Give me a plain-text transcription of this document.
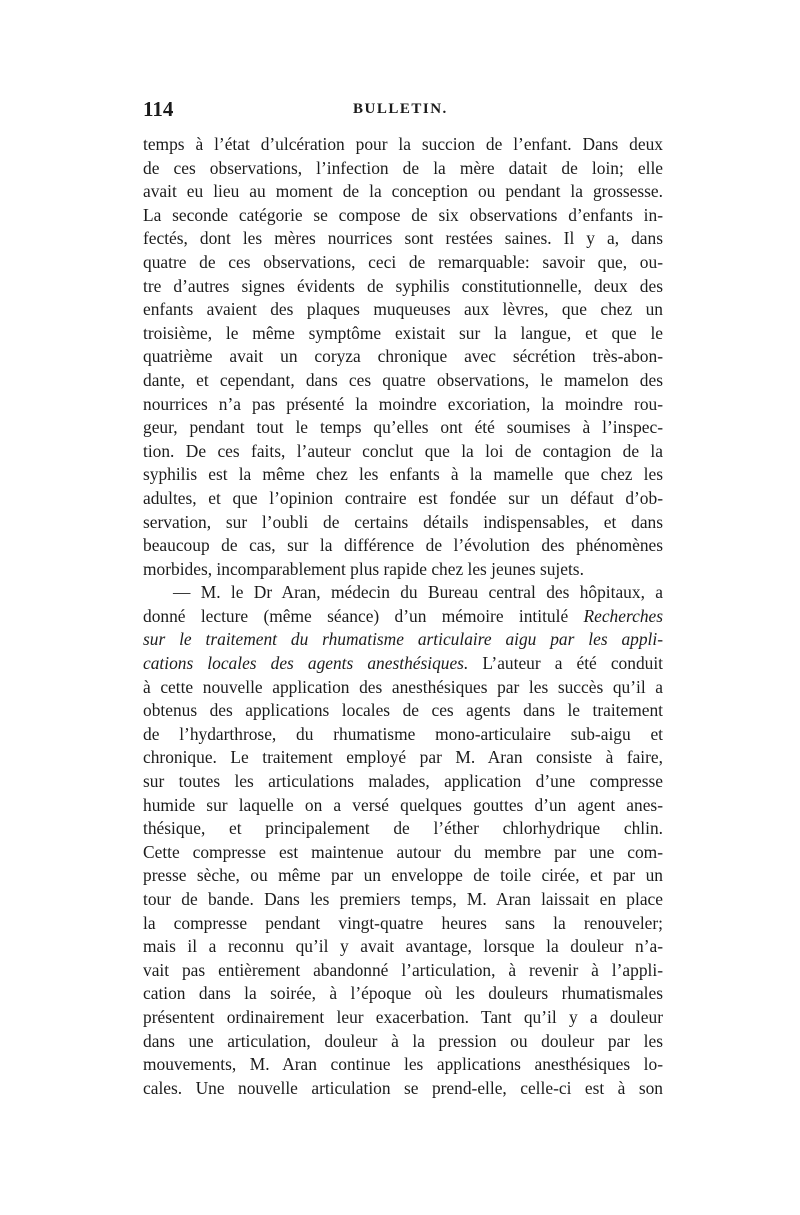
114	BULLETIN.
temps à l’état d’ulcération pour la succion de l’enfant. Dans deux
de ces observations, l’infection de la mère datait de loin; elle
avait eu lieu au moment de la conception ou pendant la grossesse.
La seconde catégorie se compose de six observations d’enfants in-
fectés, dont les mères nourrices sont restées saines. Il y a, dans
quatre de ces observations, ceci de remarquable: savoir que, ou-
tre d’autres signes évidents de syphilis constitutionnelle, deux des
enfants avaient des plaques muqueuses aux lèvres, que chez un
troisième, le même symptôme existait sur la langue, et que le
quatrième avait un coryza chronique avec sécrétion très-abon-
dante, et cependant, dans ces quatre observations, le mamelon des
nourrices n’a pas présenté la moindre excoriation, la moindre rou-
geur, pendant tout le temps qu’elles ont été soumises à l’inspec-
tion. De ces faits, l’auteur conclut que la loi de contagion de la
syphilis est la même chez les enfants à la mamelle que chez les
adultes, et que l’opinion contraire est fondée sur un défaut d’ob-
servation, sur l’oubli de certains détails indispensables, et dans
beaucoup de cas, sur la différence de l’évolution des phénomènes
morbides, incomparablement plus rapide chez les jeunes sujets.
— M. le Dr Aran, médecin du Bureau central des hôpitaux, a
donné lecture (même séance) d’un mémoire intitulé Recherches
sur le traitement du rhumatisme articulaire aigu par les appli-
cations locales des agents anesthésiques. L’auteur a été conduit
à cette nouvelle application des anesthésiques par les succès qu’il a
obtenus des applications locales de ces agents dans le traitement
de l’hydarthrose, du rhumatisme mono-articulaire sub-aigu et
chronique. Le traitement employé par M. Aran consiste à faire,
sur toutes les articulations malades, application d’une compresse
humide sur laquelle on a versé quelques gouttes d’un agent anes-
thésique, et principalement de l’éther chlorhydrique chlin.
Cette compresse est maintenue autour du membre par une com-
presse sèche, ou même par un enveloppe de toile cirée, et par un
tour de bande. Dans les premiers temps, M. Aran laissait en place
la compresse pendant vingt-quatre heures sans la renouveler;
mais il a reconnu qu’il y avait avantage, lorsque la douleur n’a-
vait pas entièrement abandonné l’articulation, à revenir à l’appli-
cation dans la soirée, à l’époque où les douleurs rhumatismales
présentent ordinairement leur exacerbation. Tant qu’il y a douleur
dans une articulation, douleur à la pression ou douleur par les
mouvements, M. Aran continue les applications anesthésiques lo-
cales. Une nouvelle articulation se prend-elle, celle-ci est à son
